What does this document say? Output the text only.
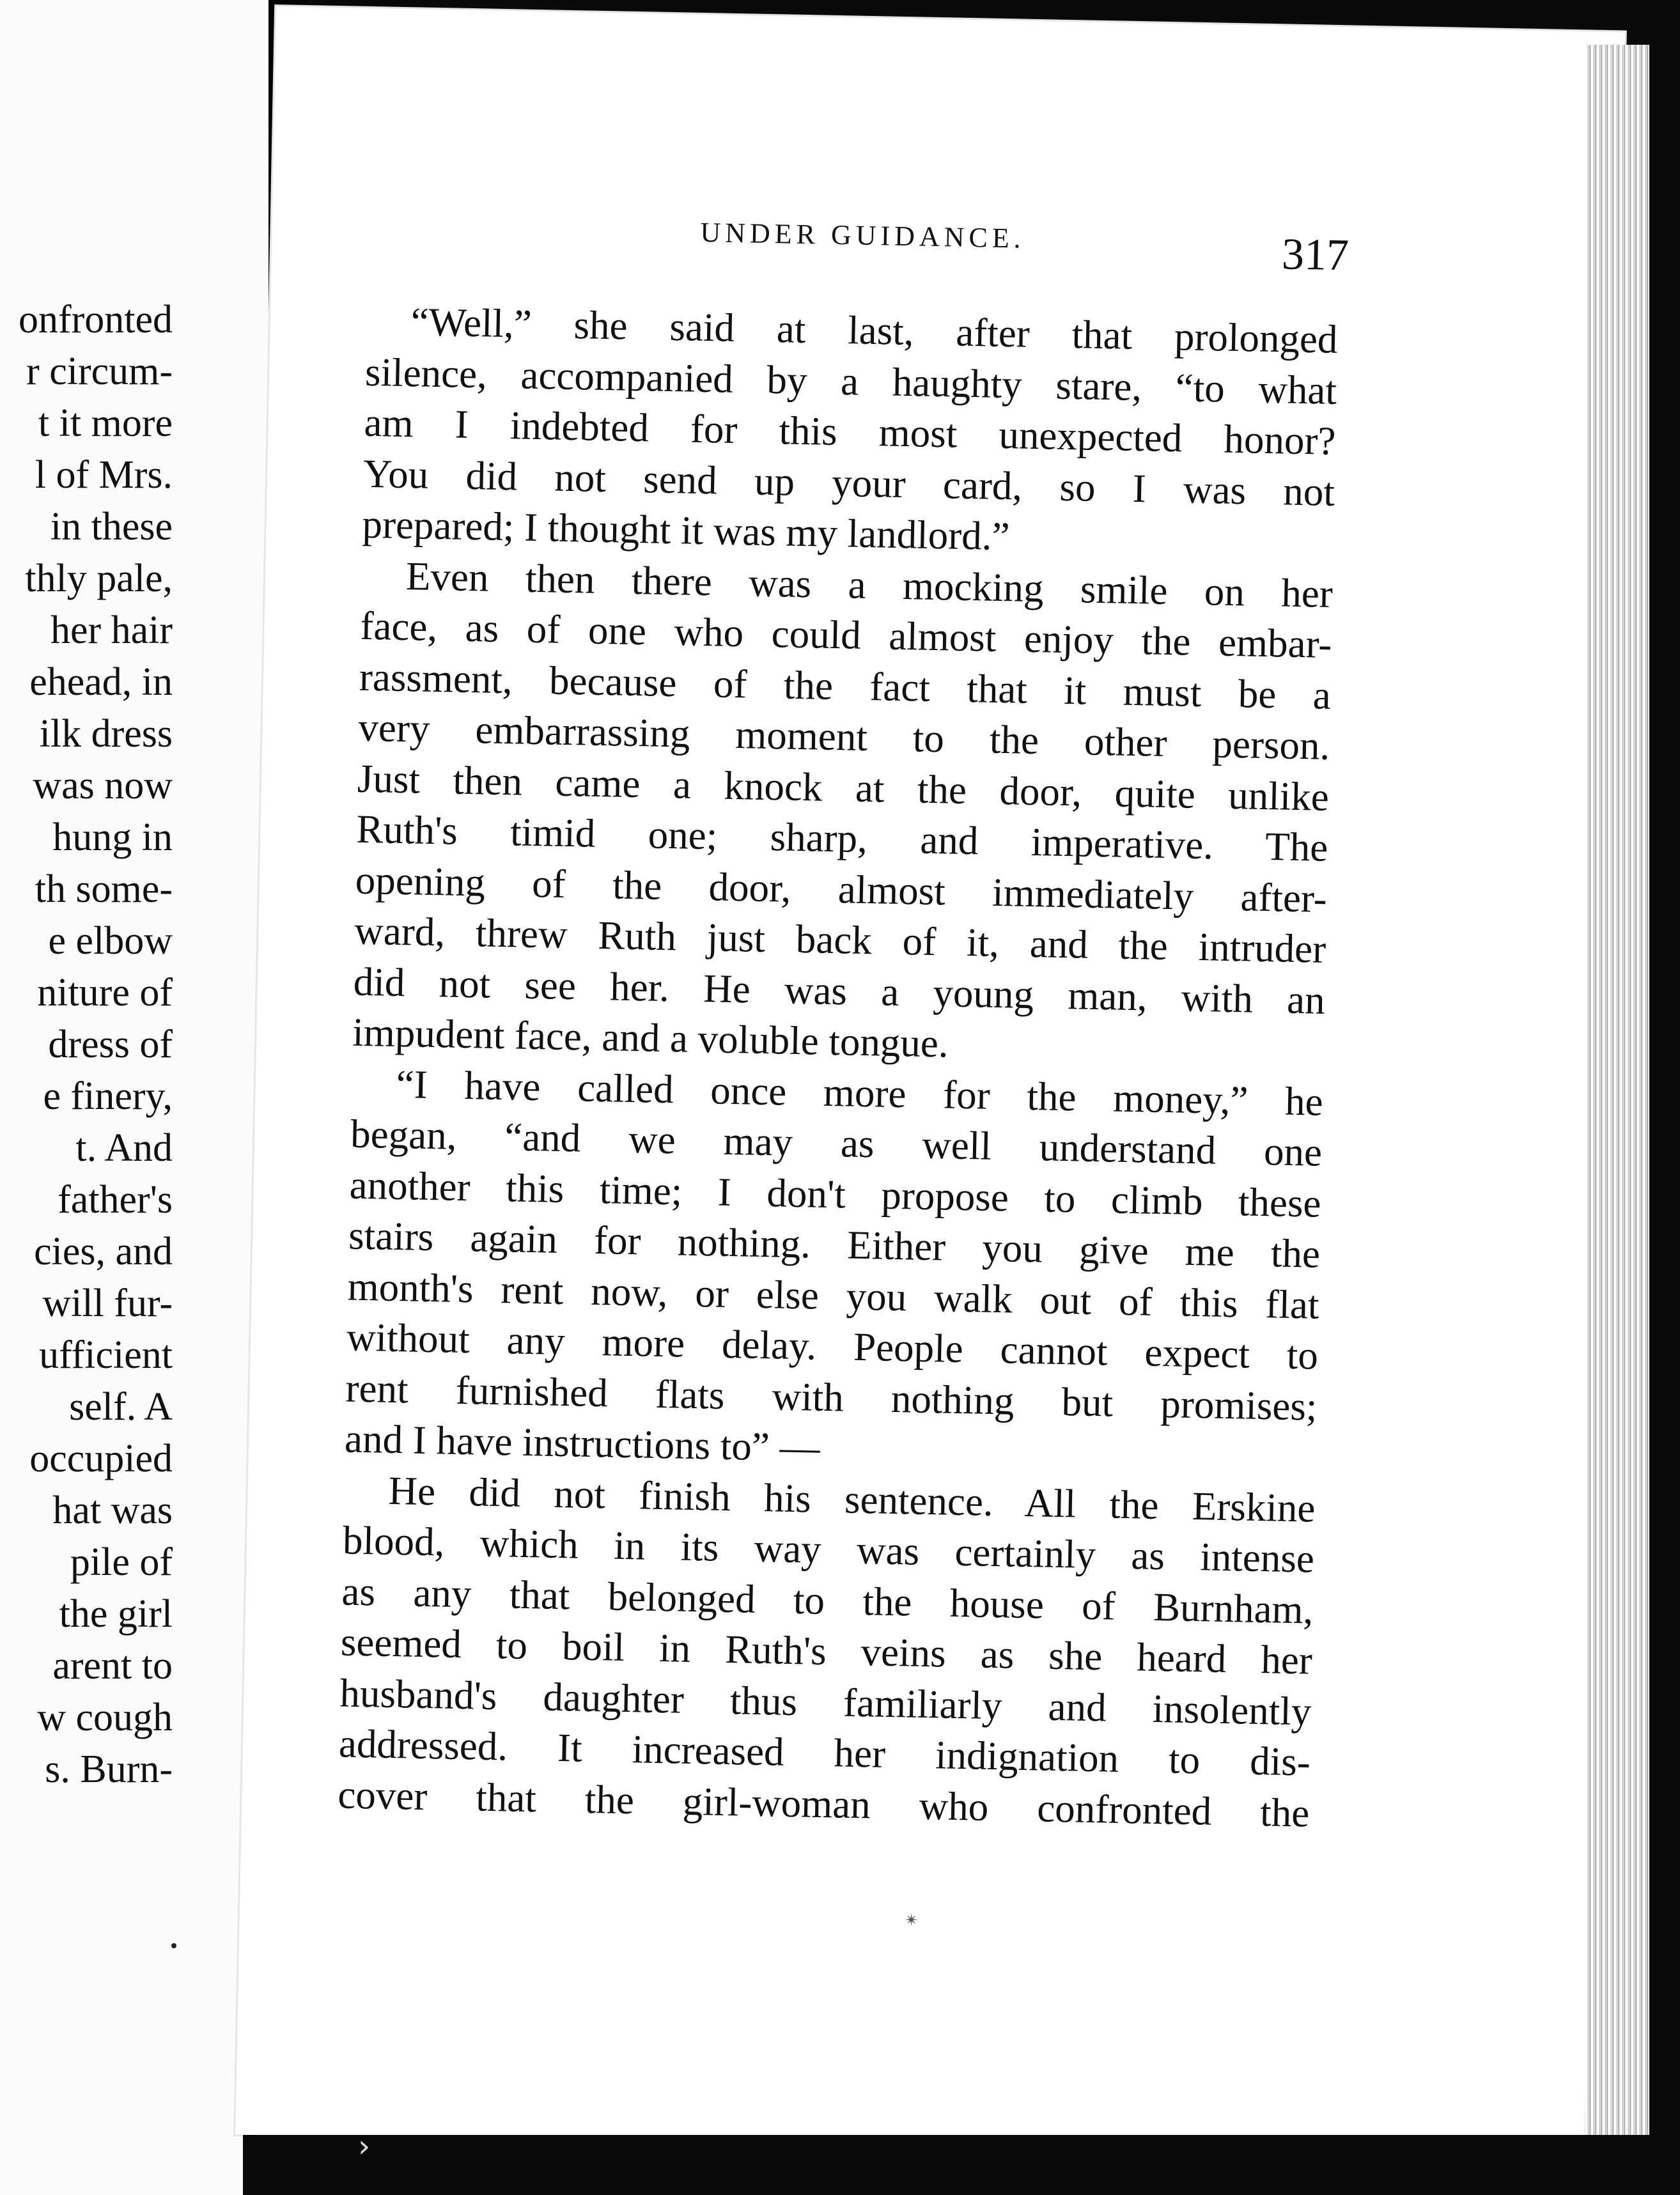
onfronted
r circum-
t it more
l of Mrs.
in these
thly pale,
her hair
ehead, in
ilk dress
was now
hung in
th some-
e elbow
niture of
dress of
e finery,
t. And
father's
cies, and
will fur-
ufficient
self. A
occupied
hat was
pile of
the girl
arent to
w cough
s. Burn-
UNDER GUIDANCE.	317
“Well,” she said at last, after that prolonged
silence, accompanied by a haughty stare, “to what
am I indebted for this most unexpected honor?
You did not send up your card, so I was not
prepared; I thought it was my landlord.”
Even then there was a mocking smile on her
face, as of one who could almost enjoy the embar-
rassment, because of the fact that it must be a
very embarrassing moment to the other person.
Just then came a knock at the door, quite unlike
Ruth's timid one; sharp, and imperative. The
opening of the door, almost immediately after-
ward, threw Ruth just back of it, and the intruder
did not see her. He was a young man, with an
impudent face, and a voluble tongue.
“I have called once more for the money,” he
began, “and we may as well understand one
another this time; I don't propose to climb these
stairs again for nothing. Either you give me the
month's rent now, or else you walk out of this flat
without any more delay. People cannot expect to
rent furnished flats with nothing but promises;
and I have instructions to” —
He did not finish his sentence. All the Erskine
blood, which in its way was certainly as intense
as any that belonged to the house of Burnham,
seemed to boil in Ruth's veins as she heard her
husband's daughter thus familiarly and insolently
addressed. It increased her indignation to dis-
cover that the girl-woman who confronted the
✴
›
